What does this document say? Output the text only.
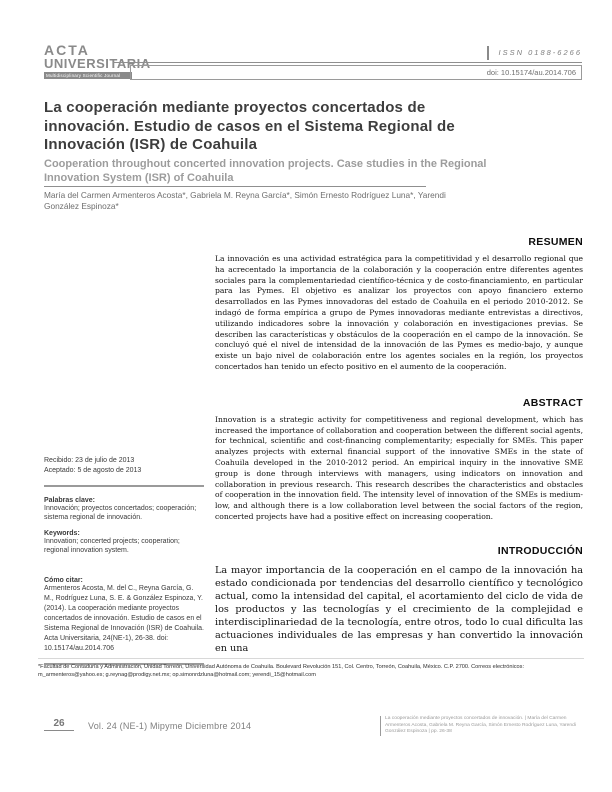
ACTA
UNIVERSITARIA
Multidisciplinary Scientific Journal
ISSN 0188-6266
doi: 10.15174/au.2014.706
La cooperación mediante proyectos concertados de innovación. Estudio de casos en el Sistema Regional de Innovación (ISR) de Coahuila
Cooperation throughout concerted innovation projects. Case studies in the Regional Innovation System (ISR) of Coahuila
María del Carmen Armenteros Acosta*, Gabriela M. Reyna García*, Simón Ernesto Rodríguez Luna*, Yarendi González Espinoza*
Recibido: 23 de julio de 2013
Aceptado: 5 de agosto de 2013
Palabras clave:
Innovación; proyectos concertados; cooperación; sistema regional de innovación.
Keywords:
Innovation; concerted projects; cooperation; regional innovation system.
Cómo citar:
Armenteros Acosta, M. del C., Reyna García, G. M., Rodríguez Luna, S. E. & González Espinoza, Y. (2014). La cooperación mediante proyectos concertados de innovación. Estudio de casos en el Sistema Regional de Innovación (ISR) de Coahuila. Acta Universitaria, 24(NE-1), 26-38. doi: 10.15174/au.2014.706
RESUMEN
La innovación es una actividad estratégica para la competitividad y el desarrollo regional que ha acrecentado la importancia de la colaboración y la cooperación entre diferentes agentes sociales para la complementariedad científico-técnica y de costo-financiamiento, en particular para las Pymes. El objetivo es analizar los proyectos con apoyo financiero externo desarrollados en las Pymes innovadoras del estado de Coahuila en el periodo 2010-2012. Se indagó de forma empírica a grupo de Pymes innovadoras mediante entrevistas a directivos, utilizando indicadores sobre la innovación y colaboración en investigaciones previas. Se describen las características y obstáculos de la cooperación en el campo de la innovación. Se concluyó qué el nivel de intensidad de la innovación de las Pymes es medio-bajo, y aunque existe un bajo nivel de colaboración entre los agentes sociales en la región, los proyectos concertados han tenido un efecto positivo en el aumento de la cooperación.
ABSTRACT
Innovation is a strategic activity for competitiveness and regional development, which has increased the importance of collaboration and cooperation between the different social agents, for technical, scientific and cost-financing complementarity; especially for SMEs. This paper analyzes projects with external financial support of the innovative SMEs in the state of Coahuila developed in the 2010-2012 period. An empirical inquiry in the innovative SME group is done through interviews with managers, using indicators on innovation and collaboration in previous research. This research describes the characteristics and obstacles of cooperation in the innovation field. The intensity level of innovation of the SMEs is medium-low, and although there is a low collaboration level between the social factors of the region, concerted projects have had a positive effect on increasing cooperation.
INTRODUCCIÓN
La mayor importancia de la cooperación en el campo de la innovación ha estado condicionada por tendencias del desarrollo científico y tecnológico actual, como la intensidad del capital, el acortamiento del ciclo de vida de los productos y las tecnologías y el crecimiento de la complejidad e interdisciplinariedad de la tecnología, entre otros, todo lo cual dificulta las actuaciones individuales de las empresas y han convertido la innovación en una
*Facultad de Contaduría y Administración, Unidad Torreón, Universidad Autónoma de Coahuila. Boulevard Revolución 151, Col. Centro, Torreón, Coahuila, México. C.P. 2700. Correos electrónicos: m_armenteros@yahoo.es; g.reynag@prodigy.net.mx; op.simonrdzluna@hotmail.com; yerendi_15@hotmail.com
26	Vol. 24 (NE-1) Mipyme Diciembre 2014
La cooperación mediante proyectos concertados de innovación. | María del Carmen Armenteros Acosta, Gabriela M. Reyna García, Simón Ernesto Rodríguez Luna, Yarendi González Espinoza | pp. 26-38
